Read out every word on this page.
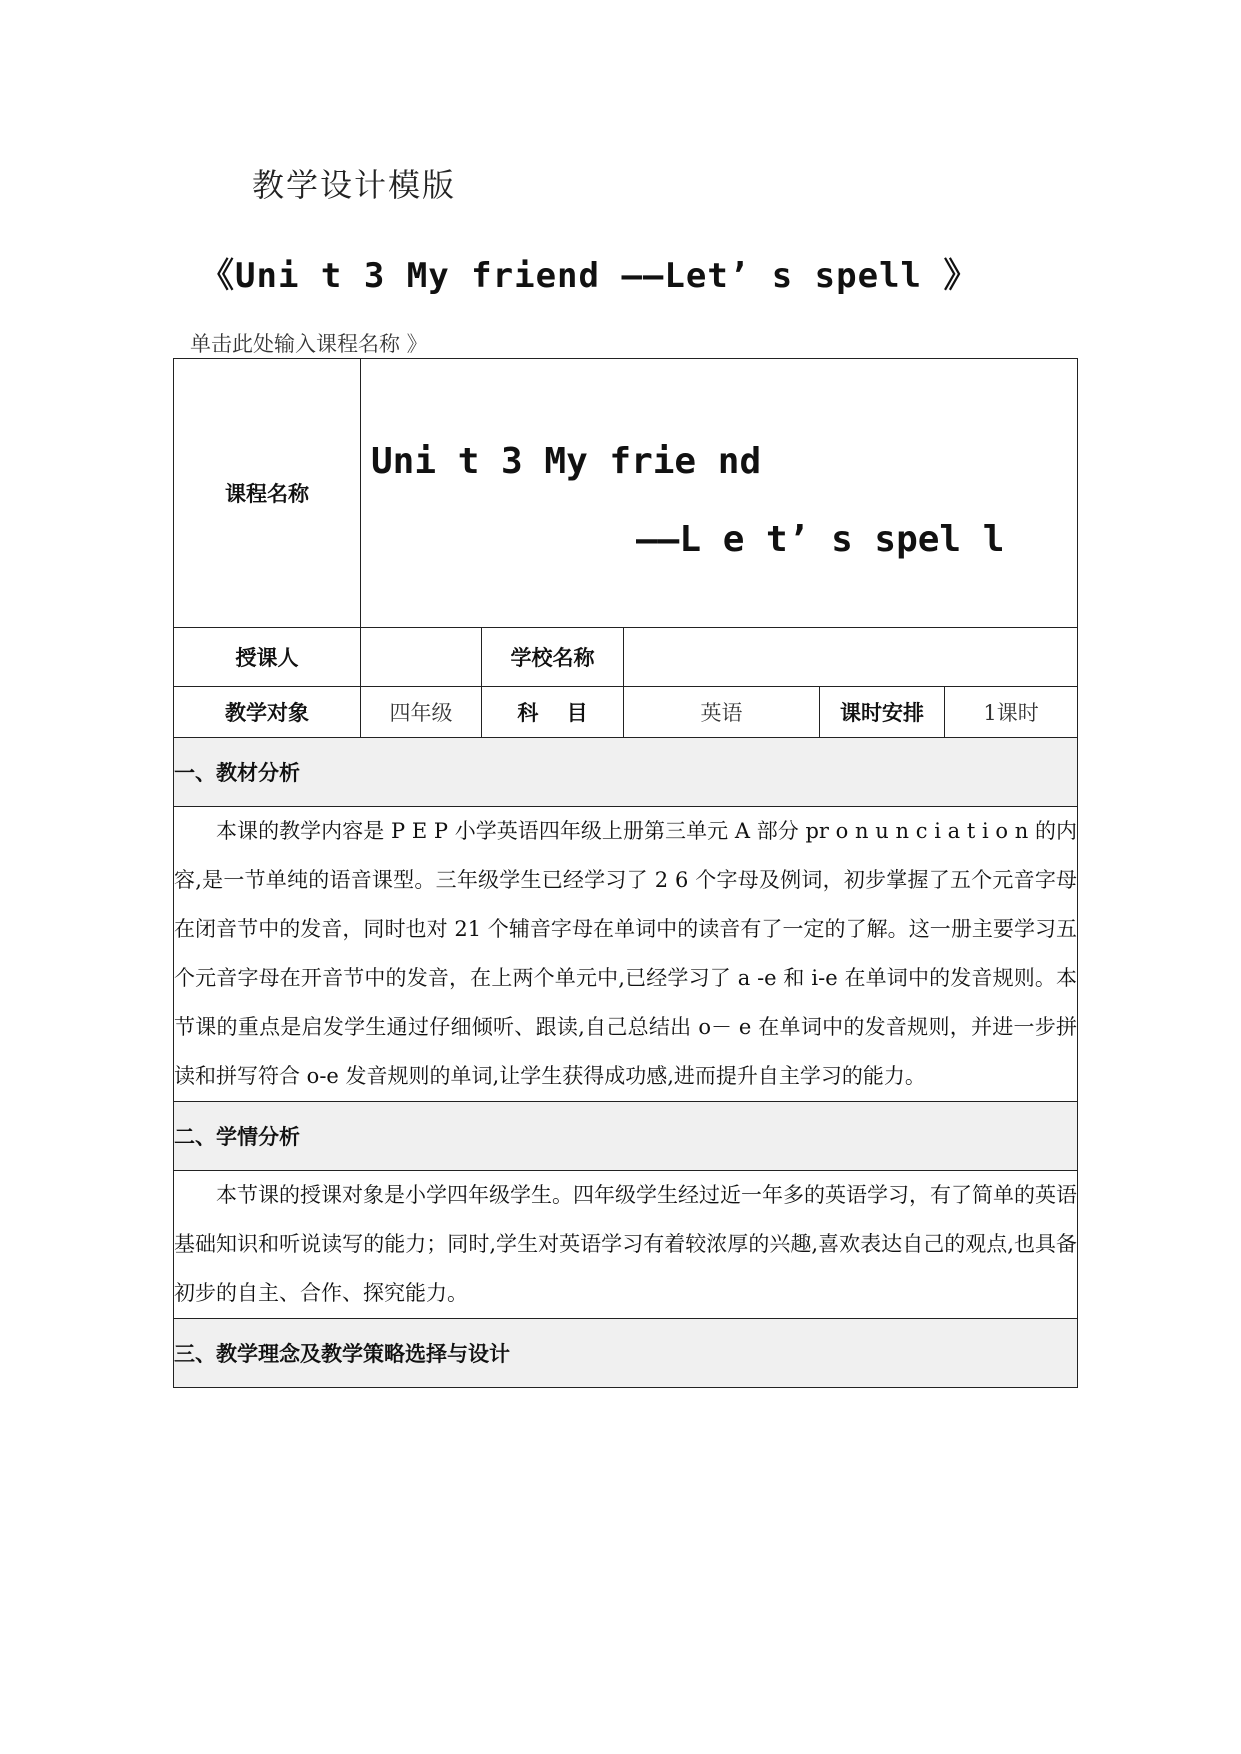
教学设计模版
《Uni t 3 My friend ——Let’ s spell 》
单击此处输入课程名称 》
课程名称	Uni t 3 My frie nd
——L e t’ s spel l				

授课人		学校名称			
教学对象	四年级	科　 目	英语	课时安排	1课时
一、教材分析					

本课的教学内容是 P E P 小学英语四年级上册第三单元 A 部分 pr o n u n c i a t i o n 的内容,是一节单纯的语音课型。三年级学生已经学习了 2 6 个字母及例词，初步掌握了五个元音字母在闭音节中的发音，同时也对 21 个辅音字母在单词中的读音有了一定的了解。这一册主要学习五个元音字母在开音节中的发音，在上两个单元中,已经学习了 a -e 和 i-e 在单词中的发音规则。本节课的重点是启发学生通过仔细倾听、跟读,自己总结出 o－ e 在单词中的发音规则，并进一步拼读和拼写符合 o-e 发音规则的单词,让学生获得成功感,进而提升自主学习的能力。					

二、学情分析					

本节课的授课对象是小学四年级学生。四年级学生经过近一年多的英语学习，有了简单的英语基础知识和听说读写的能力；同时,学生对英语学习有着较浓厚的兴趣,喜欢表达自己的观点,也具备初步的自主、合作、探究能力。					

三、教学理念及教学策略选择与设计					
